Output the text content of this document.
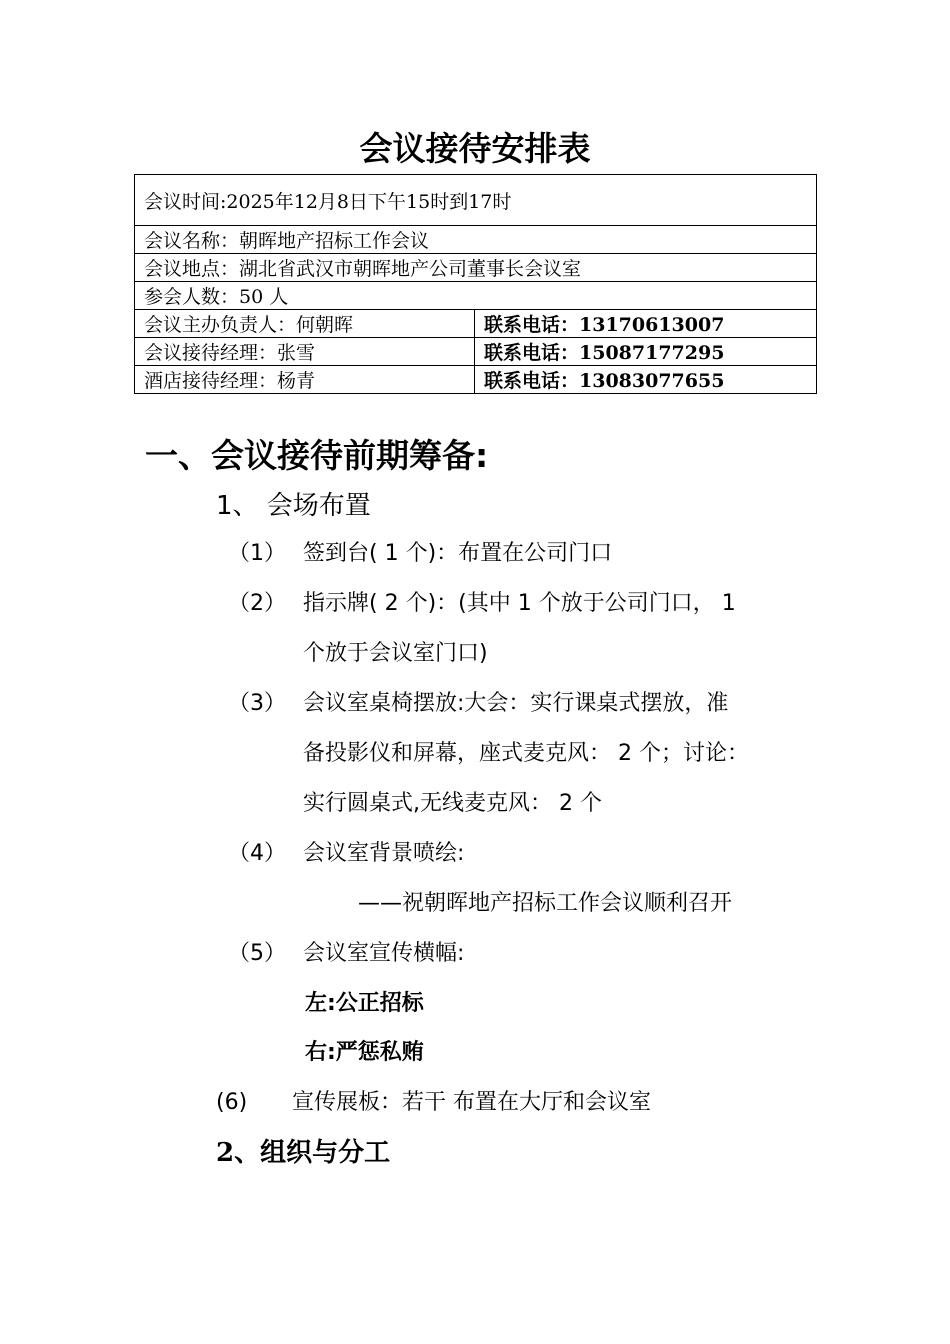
会议接待安排表
会议时间:2025年12月8日下午15时到17时	
会议名称：朝晖地产招标工作会议	
会议地点：湖北省武汉市朝晖地产公司董事长会议室	
参会人数：50 人	
会议主办负责人：何朝晖	联系电话：13170613007
会议接待经理：张雪	联系电话：15087177295
酒店接待经理：杨青	联系电话：13083077655
一、会议接待前期筹备:
1、 会场布置
（1） 签到台( 1 个)：布置在公司门口
（2） 指示牌( 2 个)：(其中 1 个放于公司门口， 1
个放于会议室门口)
（3） 会议室桌椅摆放:大会：实行课桌式摆放，准
备投影仪和屏幕，座式麦克风： 2 个；讨论：
实行圆桌式,无线麦克风： 2 个
（4） 会议室背景喷绘:
——祝朝晖地产招标工作会议顺利召开
（5） 会议室宣传横幅:
左:公正招标
右:严惩私贿
(6) 宣传展板：若干 布置在大厅和会议室
2、组织与分工
